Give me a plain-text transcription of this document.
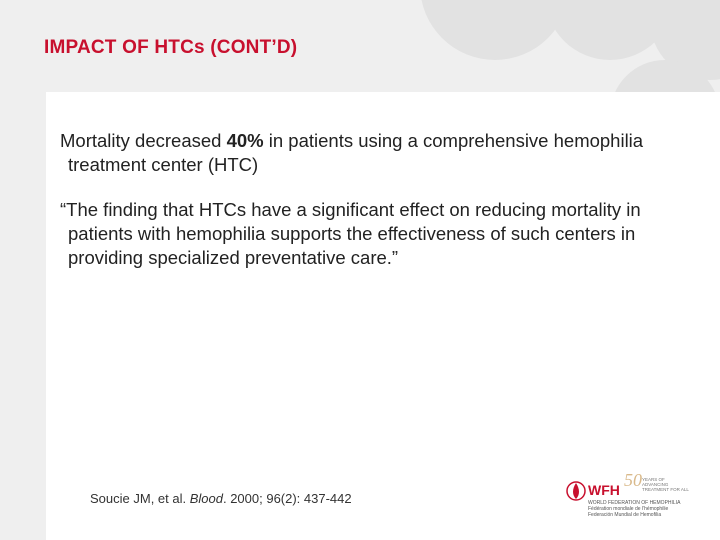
IMPACT OF HTCs (CONT’D)
Mortality decreased 40% in patients using a comprehensive hemophilia treatment center (HTC)
“The finding that HTCs have a significant effect on reducing mortality in patients with hemophilia supports the effectiveness of such centers in providing specialized preventative care.”
Soucie JM, et al. Blood. 2000; 96(2): 437-442
WFH 50 YEARS OF ADVANCING TREATMENT FOR ALL
WORLD FEDERATION OF HEMOPHILIA
Fédération mondiale de l’hémophilie
Federación Mundial de Hemofilia
